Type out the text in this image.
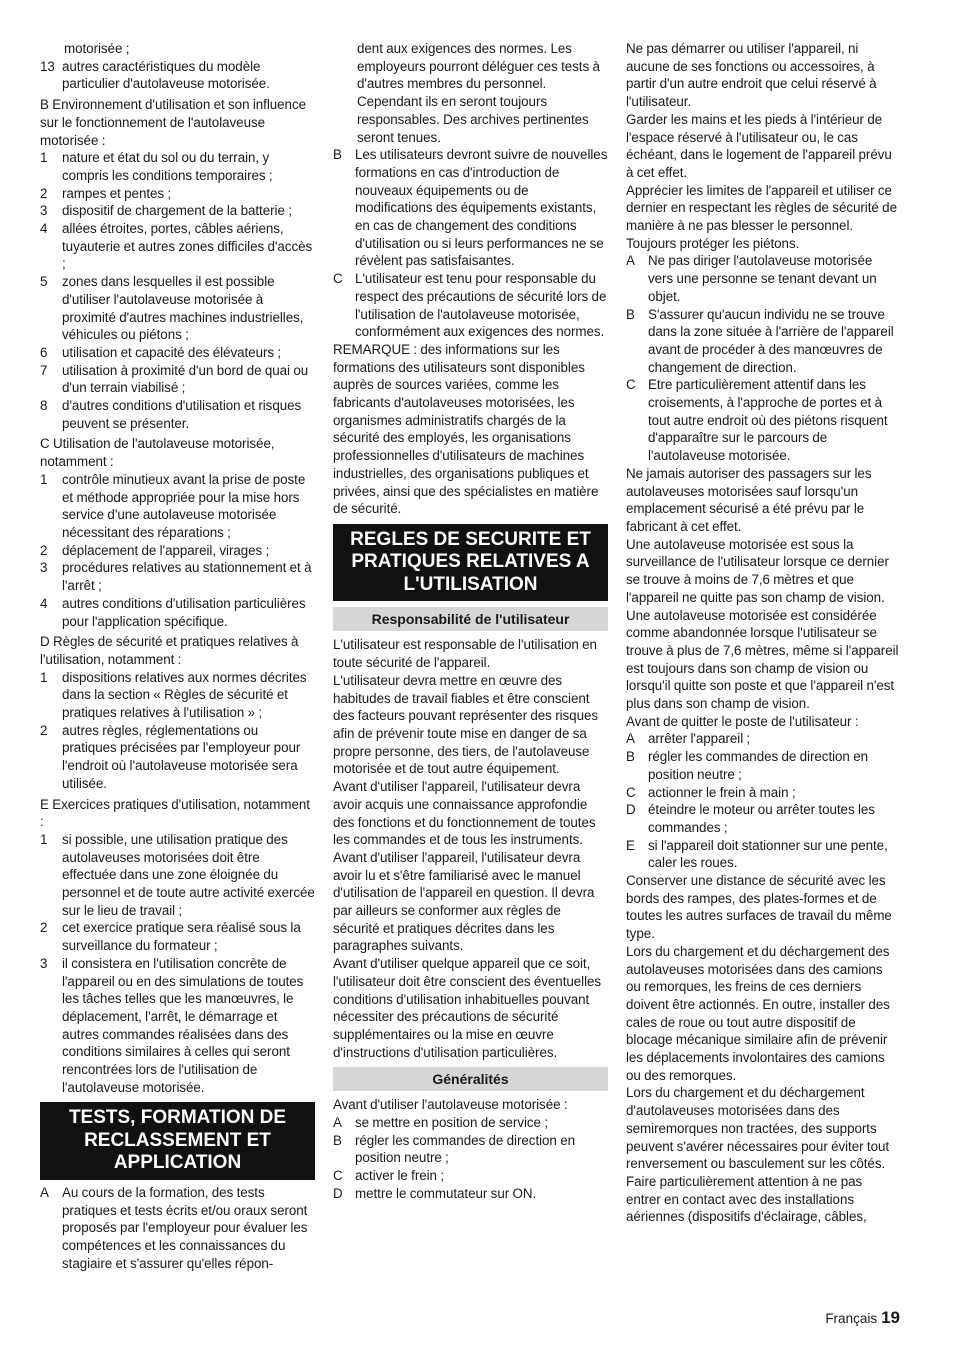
motorisée ;
13 autres caractéristiques du modèle particulier d'autolaveuse motorisée.
B Environnement d'utilisation et son influence sur le fonctionnement de l'autolaveuse motorisée :
1	nature et état du sol ou du terrain, y compris les conditions temporaires ;
2	rampes et pentes ;
3	dispositif de chargement de la batterie ;
4	allées étroites, portes, câbles aériens, tuyauterie et autres zones difficiles d'accès ;
5	zones dans lesquelles il est possible d'utiliser l'autolaveuse motorisée à proximité d'autres machines industrielles, véhicules ou piétons ;
6	utilisation et capacité des élévateurs ;
7	utilisation à proximité d'un bord de quai ou d'un terrain viabilisé ;
8	d'autres conditions d'utilisation et risques peuvent se présenter.
C Utilisation de l'autolaveuse motorisée, notamment :
1	contrôle minutieux avant la prise de poste et méthode appropriée pour la mise hors service d'une autolaveuse motorisée nécessitant des réparations ;
2	déplacement de l'appareil, virages ;
3	procédures relatives au stationnement et à l'arrêt ;
4	autres conditions d'utilisation particulières pour l'application spécifique.
D Règles de sécurité et pratiques relatives à l'utilisation, notamment :
1	dispositions relatives aux normes décrites dans la section « Règles de sécurité et pratiques relatives à l'utilisation » ;
2	autres règles, réglementations ou pratiques précisées par l'employeur pour l'endroit où l'autolaveuse motorisée sera utilisée.
E Exercices pratiques d'utilisation, notamment :
1	si possible, une utilisation pratique des autolaveuses motorisées doit être effectuée dans une zone éloignée du personnel et de toute autre activité exercée sur le lieu de travail ;
2	cet exercice pratique sera réalisé sous la surveillance du formateur ;
3	il consistera en l'utilisation concrète de l'appareil ou en des simulations de toutes les tâches telles que les manœuvres, le déplacement, l'arrêt, le démarrage et autres commandes réalisées dans des conditions similaires à celles qui seront rencontrées lors de l'utilisation de l'autolaveuse motorisée.
TESTS, FORMATION DE RECLASSEMENT ET APPLICATION
A Au cours de la formation, des tests pratiques et tests écrits et/ou oraux seront proposés par l'employeur pour évaluer les compétences et les connaissances du stagiaire et s'assurer qu'elles répon-
dent aux exigences des normes. Les employeurs pourront déléguer ces tests à d'autres membres du personnel. Cependant ils en seront toujours responsables. Des archives pertinentes seront tenues.
B Les utilisateurs devront suivre de nouvelles formations en cas d'introduction de nouveaux équipements ou de modifications des équipements existants, en cas de changement des conditions d'utilisation ou si leurs performances ne se révèlent pas satisfaisantes.
C L'utilisateur est tenu pour responsable du respect des précautions de sécurité lors de l'utilisation de l'autolaveuse motorisée, conformément aux exigences des normes.
REMARQUE : des informations sur les formations des utilisateurs sont disponibles auprès de sources variées, comme les fabricants d'autolaveuses motorisées, les organismes administratifs chargés de la sécurité des employés, les organisations professionnelles d'utilisateurs de machines industrielles, des organisations publiques et privées, ainsi que des spécialistes en matière de sécurité.
REGLES DE SECURITE ET PRATIQUES RELATIVES A L'UTILISATION
Responsabilité de l'utilisateur
L'utilisateur est responsable de l'utilisation en toute sécurité de l'appareil.
L'utilisateur devra mettre en œuvre des habitudes de travail fiables et être conscient des facteurs pouvant représenter des risques afin de prévenir toute mise en danger de sa propre personne, des tiers, de l'autolaveuse motorisée et de tout autre équipement.
Avant d'utiliser l'appareil, l'utilisateur devra avoir acquis une connaissance approfondie des fonctions et du fonctionnement de toutes les commandes et de tous les instruments.
Avant d'utiliser l'appareil, l'utilisateur devra avoir lu et s'être familiarisé avec le manuel d'utilisation de l'appareil en question. Il devra par ailleurs se conformer aux règles de sécurité et pratiques décrites dans les paragraphes suivants.
Avant d'utiliser quelque appareil que ce soit, l'utilisateur doit être conscient des éventuelles conditions d'utilisation inhabituelles pouvant nécessiter des précautions de sécurité supplémentaires ou la mise en œuvre d'instructions d'utilisation particulières.
Généralités
Avant d'utiliser l'autolaveuse motorisée :
A se mettre en position de service ;
B régler les commandes de direction en position neutre ;
C activer le frein ;
D mettre le commutateur sur ON.
Ne pas démarrer ou utiliser l'appareil, ni aucune de ses fonctions ou accessoires, à partir d'un autre endroit que celui réservé à l'utilisateur.
Garder les mains et les pieds à l'intérieur de l'espace réservé à l'utilisateur ou, le cas échéant, dans le logement de l'appareil prévu à cet effet.
Apprécier les limites de l'appareil et utiliser ce dernier en respectant les règles de sécurité de manière à ne pas blesser le personnel. Toujours protéger les piétons.
A Ne pas diriger l'autolaveuse motorisée vers une personne se tenant devant un objet.
B S'assurer qu'aucun individu ne se trouve dans la zone située à l'arrière de l'appareil avant de procéder à des manœuvres de changement de direction.
C Etre particulièrement attentif dans les croisements, à l'approche de portes et à tout autre endroit où des piétons risquent d'apparaître sur le parcours de l'autolaveuse motorisée.
Ne jamais autoriser des passagers sur les autolaveuses motorisées sauf lorsqu'un emplacement sécurisé a été prévu par le fabricant à cet effet.
Une autolaveuse motorisée est sous la surveillance de l'utilisateur lorsque ce dernier se trouve à moins de 7,6 mètres et que l'appareil ne quitte pas son champ de vision.
Une autolaveuse motorisée est considérée comme abandonnée lorsque l'utilisateur se trouve à plus de 7,6 mètres, même si l'appareil est toujours dans son champ de vision ou lorsqu'il quitte son poste et que l'appareil n'est plus dans son champ de vision.
Avant de quitter le poste de l'utilisateur :
A arrêter l'appareil ;
B régler les commandes de direction en position neutre ;
C actionner le frein à main ;
D éteindre le moteur ou arrêter toutes les commandes ;
E si l'appareil doit stationner sur une pente, caler les roues.
Conserver une distance de sécurité avec les bords des rampes, des plates-formes et de toutes les autres surfaces de travail du même type.
Lors du chargement et du déchargement des autolaveuses motorisées dans des camions ou remorques, les freins de ces derniers doivent être actionnés. En outre, installer des cales de roue ou tout autre dispositif de blocage mécanique similaire afin de prévenir les déplacements involontaires des camions ou des remorques.
Lors du chargement et du déchargement d'autolaveuses motorisées dans des semiremorques non tractées, des supports peuvent s'avérer nécessaires pour éviter tout renversement ou basculement sur les côtés.
Faire particulièrement attention à ne pas entrer en contact avec des installations aériennes (dispositifs d'éclairage, câbles,
Français 19
